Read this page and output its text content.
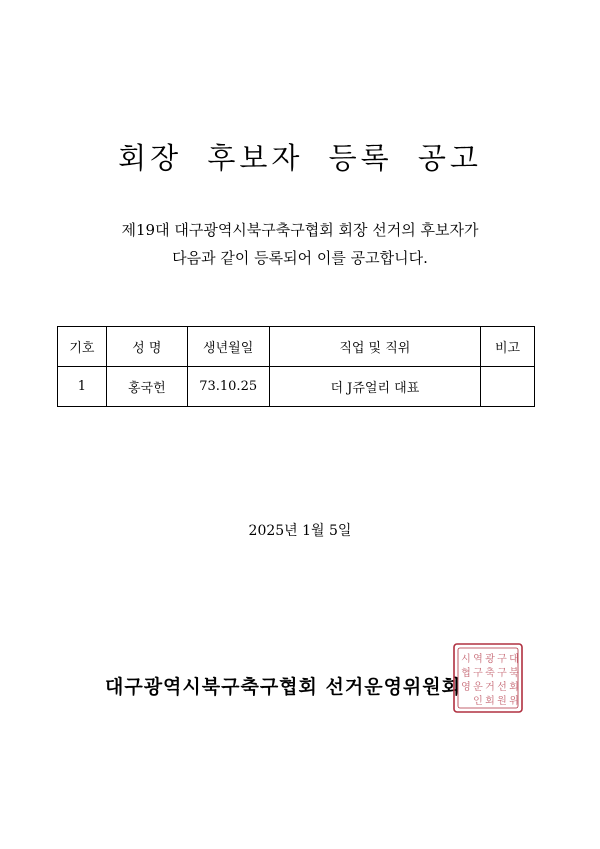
회장 후보자 등록 공고
제19대 대구광역시북구축구협회 회장 선거의 후보자가
다음과 같이 등록되어 이를 공고합니다.
기호	성 명	생년월일	직업 및 직위	비고
1	홍국헌	73.10.25	더 J쥬얼리 대표	
2025년 1월 5일
대구광역시북구축구협회 선거운영위원회
대
구
광
역
시
북
구
축
구
협
회
선
거
운
영
위
원
회
인
